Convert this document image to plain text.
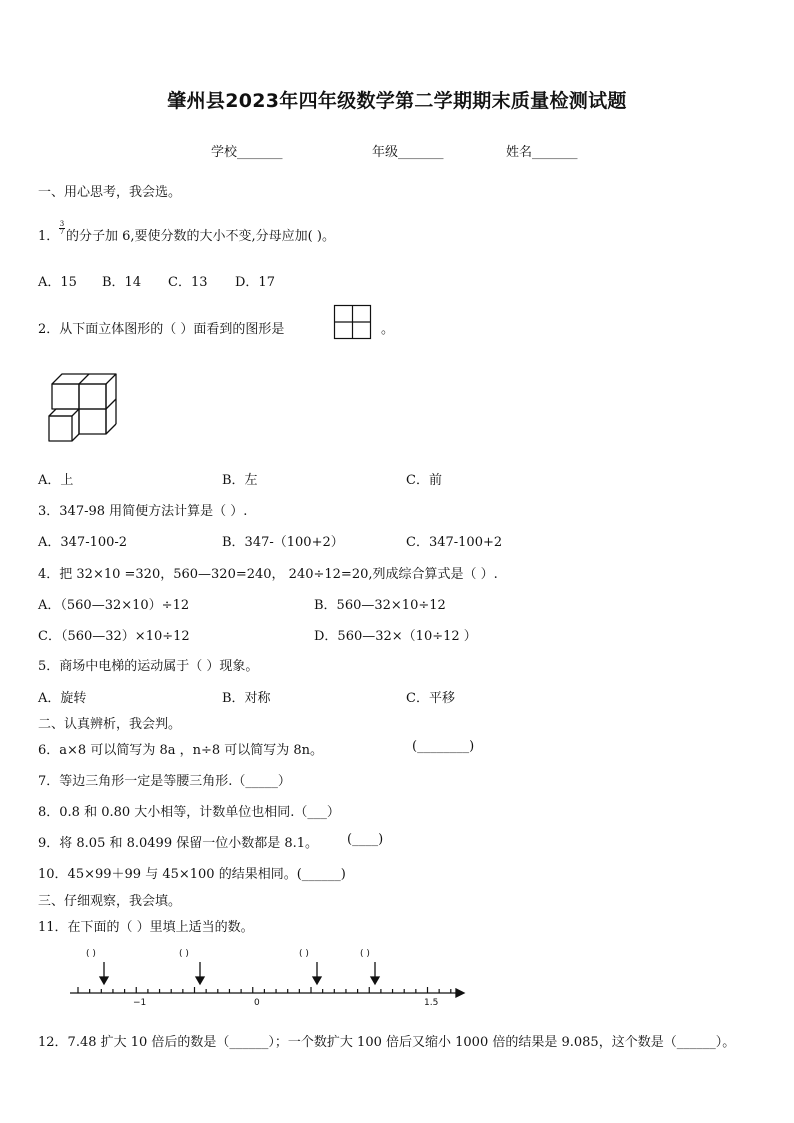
肇州县2023年四年级数学第二学期期末质量检测试题
学校_______	年级_______	姓名_______
一、用心思考，我会选。
1．
3
7 的分子加 6,要使分数的大小不变,分母应加( )。
A．15 B．14 C．13 D．17
2．从下面立体图形的（ ）面看到的图形是	。
A．上	B．左	C．前
3．347-98 用简便方法计算是（ ）.
A．347-100-2	B．347-（100+2）	C．347-100+2
4．把 32×10 =320，560—320=240， 240÷12=20,列成综合算式是（ ）.
A．（560—32×10）÷12	B．560—32×10÷12
C．（560—32）×10÷12	D．560—32×（10÷12 ）
5．商场中电梯的运动属于（ ）现象。
A．旋转	B．对称	C．平移
二、认真辨析，我会判。
6．a×8 可以简写为 8a ，n÷8 可以简写为 8n。	(________)
7．等边三角形一定是等腰三角形.（_____）
8．0.8 和 0.80 大小相等，计数单位也相同.（___）
9．将 8.05 和 8.0499 保留一位小数都是 8.1。 (____)
10．45×99＋99 与 45×100 的结果相同。(______)
三、仔细观察，我会填。
11．在下面的（ ）里填上适当的数。
( )	( )	( )	( )
−1	0	1.5
12．7.48 扩大 10 倍后的数是（______）；一个数扩大 100 倍后又缩小 1000 倍的结果是 9.085，这个数是（______）。
